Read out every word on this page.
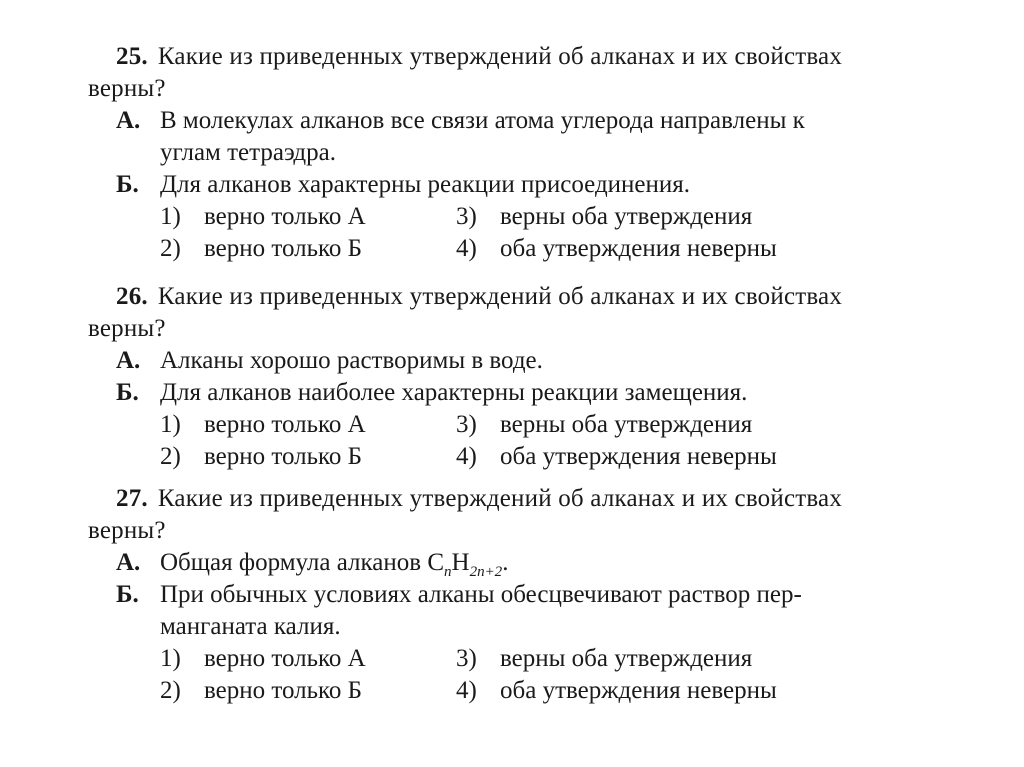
25. Какие из приведенных утверждений об алканах и их свойствах
верны?
А. В молекулах алканов все связи атома углерода направлены к
углам тетраэдра.
Б. Для алканов характерны реакции присоединения.
1) верно только А	3) верны оба утверждения
2) верно только Б	4) оба утверждения неверны
26. Какие из приведенных утверждений об алканах и их свойствах
верны?
А. Алканы хорошо растворимы в воде.
Б. Для алканов наиболее характерны реакции замещения.
1) верно только А	3) верны оба утверждения
2) верно только Б	4) оба утверждения неверны
27. Какие из приведенных утверждений об алканах и их свойствах
верны?
А. Общая формула алканов $C_nH_{2n+2}$.
Б. При обычных условиях алканы обесцвечивают раствор пер-
манганата калия.
1) верно только А	3) верны оба утверждения
2) верно только Б	4) оба утверждения неверны
